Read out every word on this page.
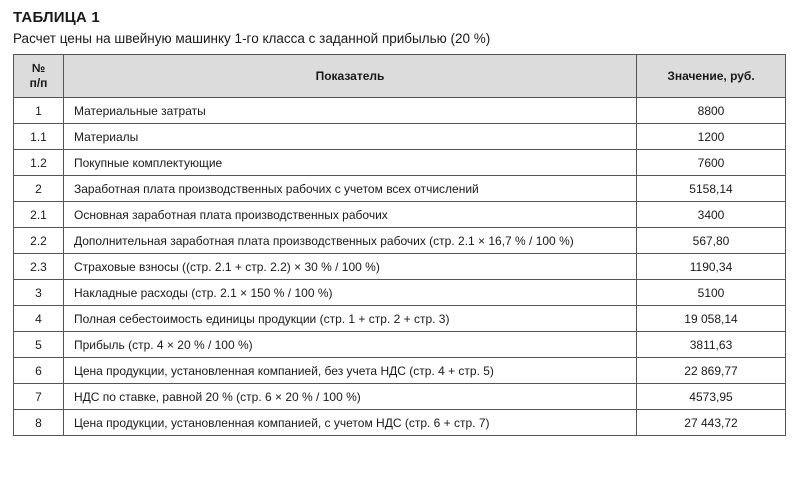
ТАБЛИЦА 1
Расчет цены на швейную машинку 1-го класса с заданной прибылью (20 %)
№
п/п	Показатель	Значение, руб.
1	Материальные затраты	8800
1.1	Материалы	1200
1.2	Покупные комплектующие	7600
2	Заработная плата производственных рабочих с учетом всех отчислений	5158,14
2.1	Основная заработная плата производственных рабочих	3400
2.2	Дополнительная заработная плата производственных рабочих (стр. 2.1 × 16,7 % / 100 %)	567,80
2.3	Страховые взносы ((стр. 2.1 + стр. 2.2) × 30 % / 100 %)	1190,34
3	Накладные расходы (стр. 2.1 × 150 % / 100 %)	5100
4	Полная себестоимость единицы продукции (стр. 1 + стр. 2 + стр. 3)	19 058,14
5	Прибыль (стр. 4 × 20 % / 100 %)	3811,63
6	Цена продукции, установленная компанией, без учета НДС (стр. 4 + стр. 5)	22 869,77
7	НДС по ставке, равной 20 % (стр. 6 × 20 % / 100 %)	4573,95
8	Цена продукции, установленная компанией, с учетом НДС (стр. 6 + стр. 7)	27 443,72
